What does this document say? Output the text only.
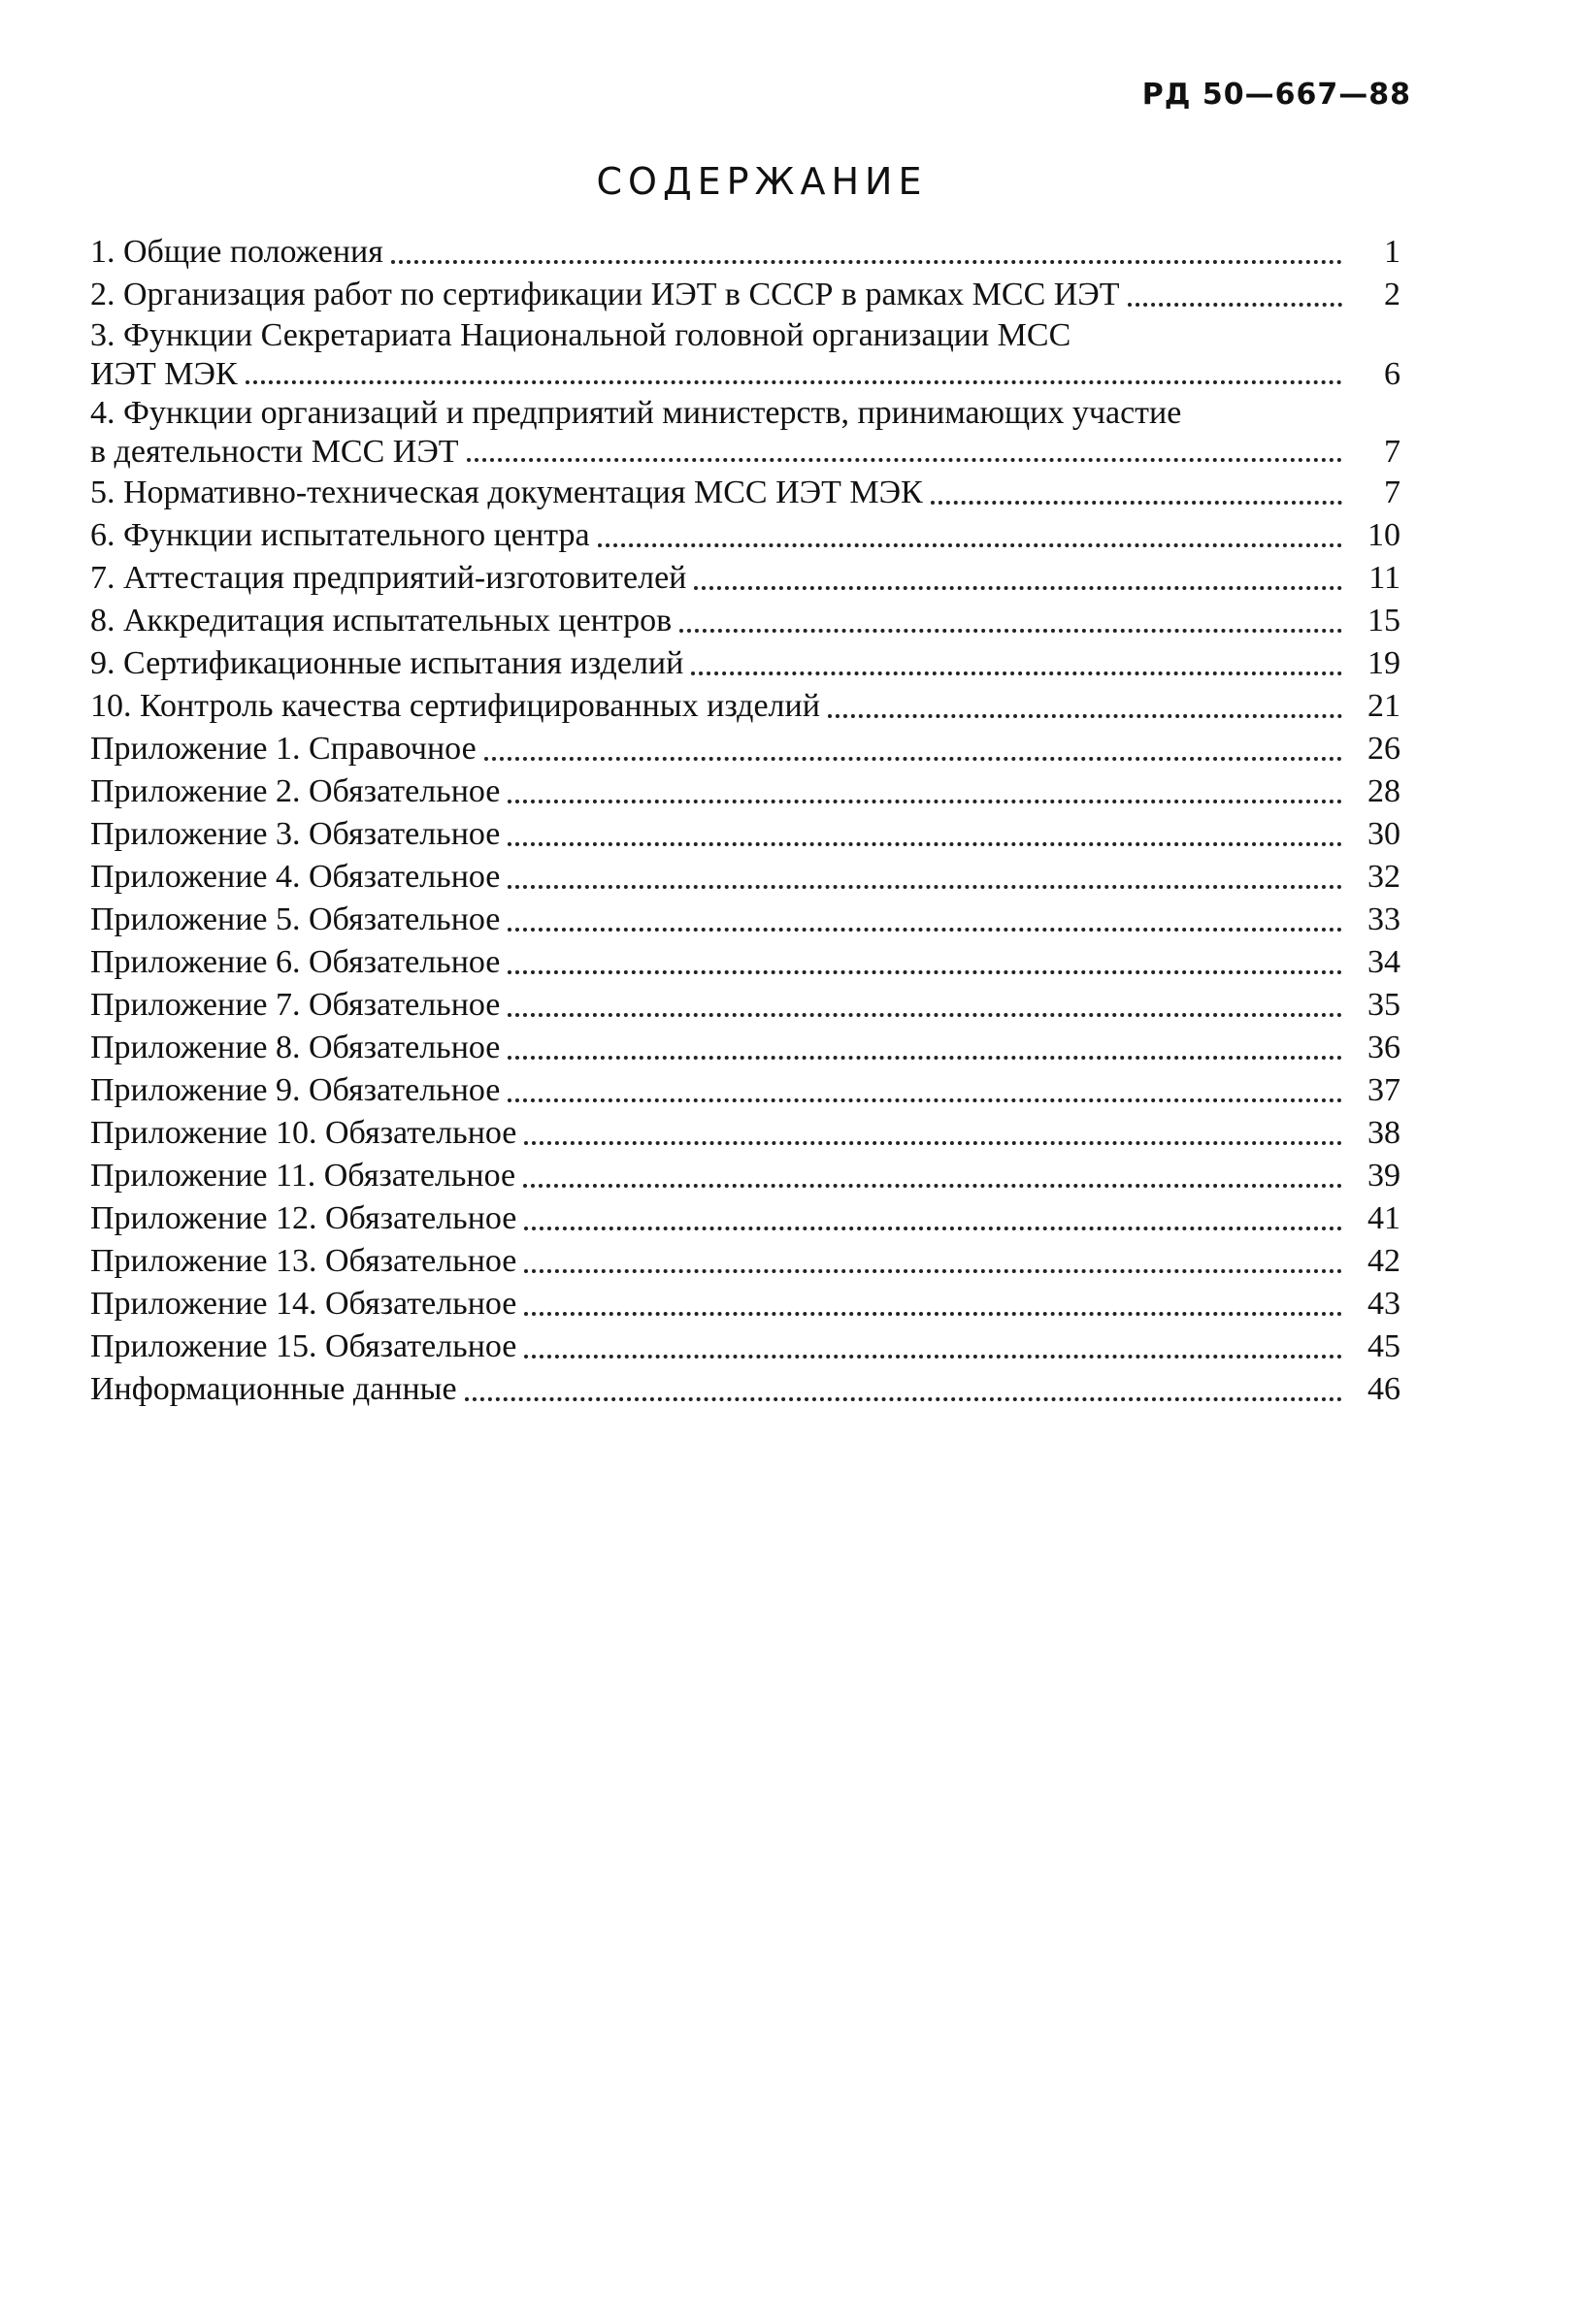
РД 50—667—88
СОДЕРЖАНИЕ
1. Общие положения	1
2. Организация работ по сертификации ИЭТ в СССР в рамках МСС ИЭТ	2
3. Функции Секретариата Национальной головной организации МСС
ИЭТ МЭК	6
4. Функции организаций и предприятий министерств, принимающих участие
в деятельности МСС ИЭТ	7
5. Нормативно-техническая документация МСС ИЭТ МЭК	7
6. Функции испытательного центра	10
7. Аттестация предприятий-изготовителей	11
8. Аккредитация испытательных центров	15
9. Сертификационные испытания изделий	19
10. Контроль качества сертифицированных изделий	21
Приложение 1. Справочное	26
Приложение 2. Обязательное	28
Приложение 3. Обязательное	30
Приложение 4. Обязательное	32
Приложение 5. Обязательное	33
Приложение 6. Обязательное	34
Приложение 7. Обязательное	35
Приложение 8. Обязательное	36
Приложение 9. Обязательное	37
Приложение 10. Обязательное	38
Приложение 11. Обязательное	39
Приложение 12. Обязательное	41
Приложение 13. Обязательное	42
Приложение 14. Обязательное	43
Приложение 15. Обязательное	45
Информационные данные	46
